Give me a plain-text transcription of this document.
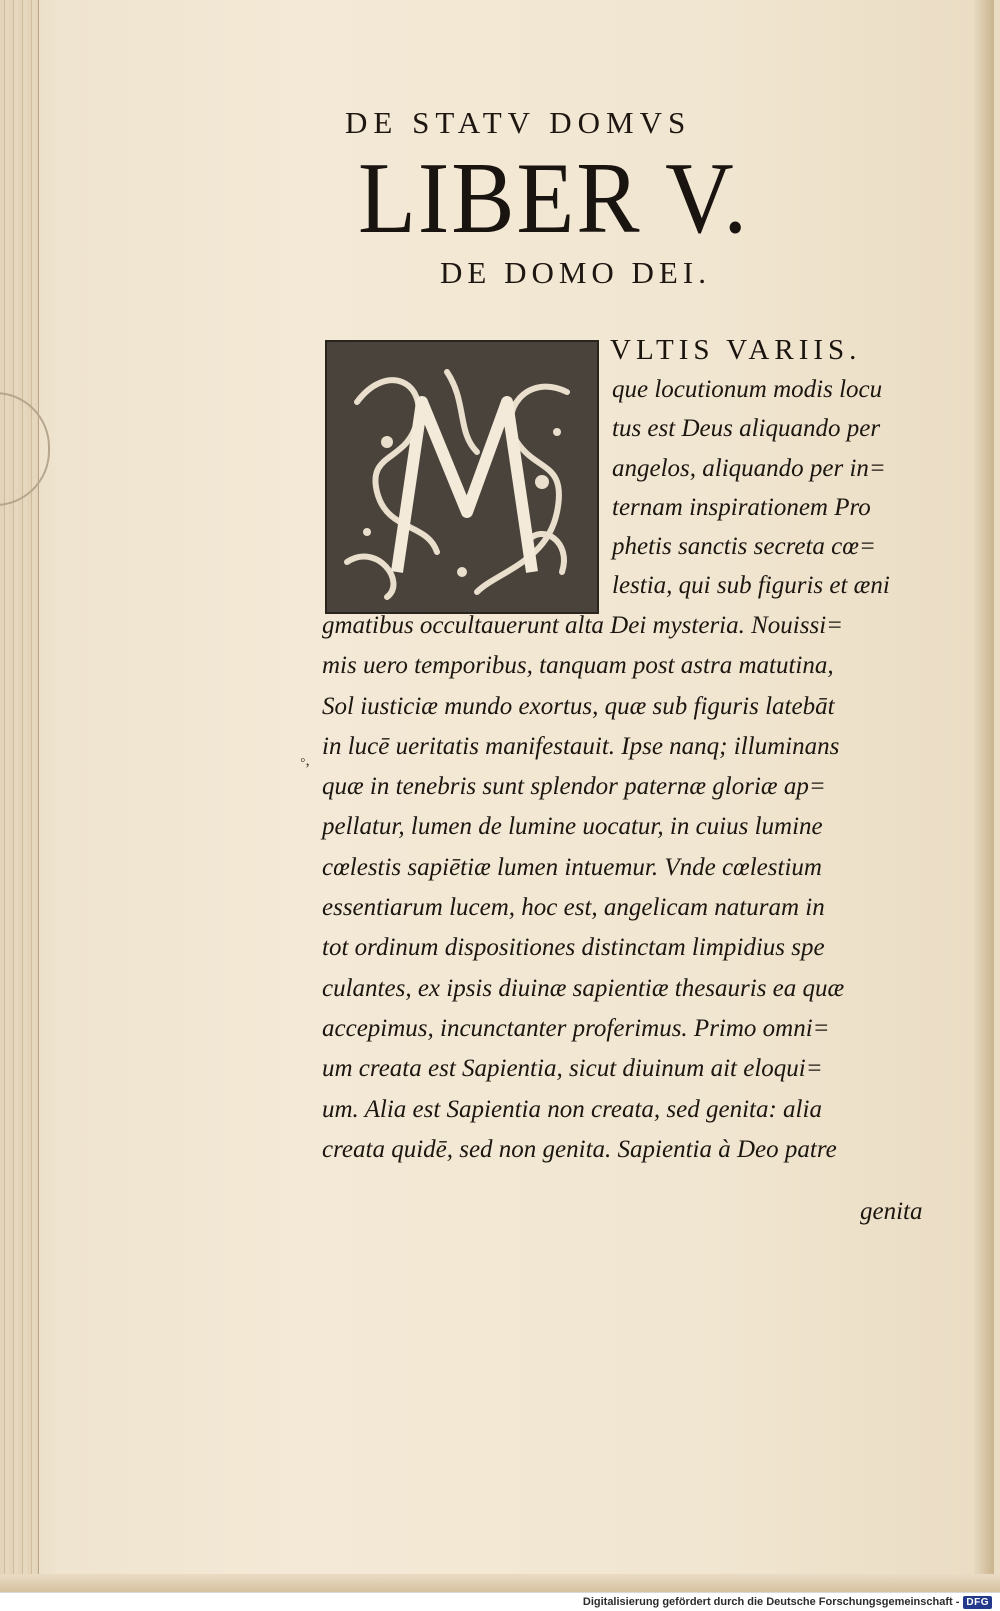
DE STATV DOMVS
LIBER V.
DE DOMO DEI.
VLTIS VARIIS.
que locutionum modis locu
tus est Deus aliquando per
angelos, aliquando per in=
ternam inspirationem Pro
phetis sanctis secreta cœ=
lestia, qui sub figuris et æni
◦,
gmatibus occultauerunt alta Dei mysteria. Nouissi=
mis uero temporibus, tanquam post astra matutina,
Sol iusticiæ mundo exortus, quæ sub figuris latebāt
in lucē ueritatis manifestauit. Ipse nanq; illuminans
quæ in tenebris sunt splendor paternæ gloriæ ap=
pellatur, lumen de lumine uocatur, in cuius lumine
cœlestis sapiētiæ lumen intuemur. Vnde cœlestium
essentiarum lucem, hoc est, angelicam naturam in
tot ordinum dispositiones distinctam limpidius spe
culantes, ex ipsis diuinæ sapientiæ thesauris ea quæ
accepimus, incunctanter proferimus. Primo omni=
um creata est Sapientia, sicut diuinum ait eloqui=
um. Alia est Sapientia non creata, sed genita: alia
creata quidē, sed non genita. Sapientia à Deo patre
genita
Digitalisierung gefördert durch die Deutsche Forschungsgemeinschaft - DFG
